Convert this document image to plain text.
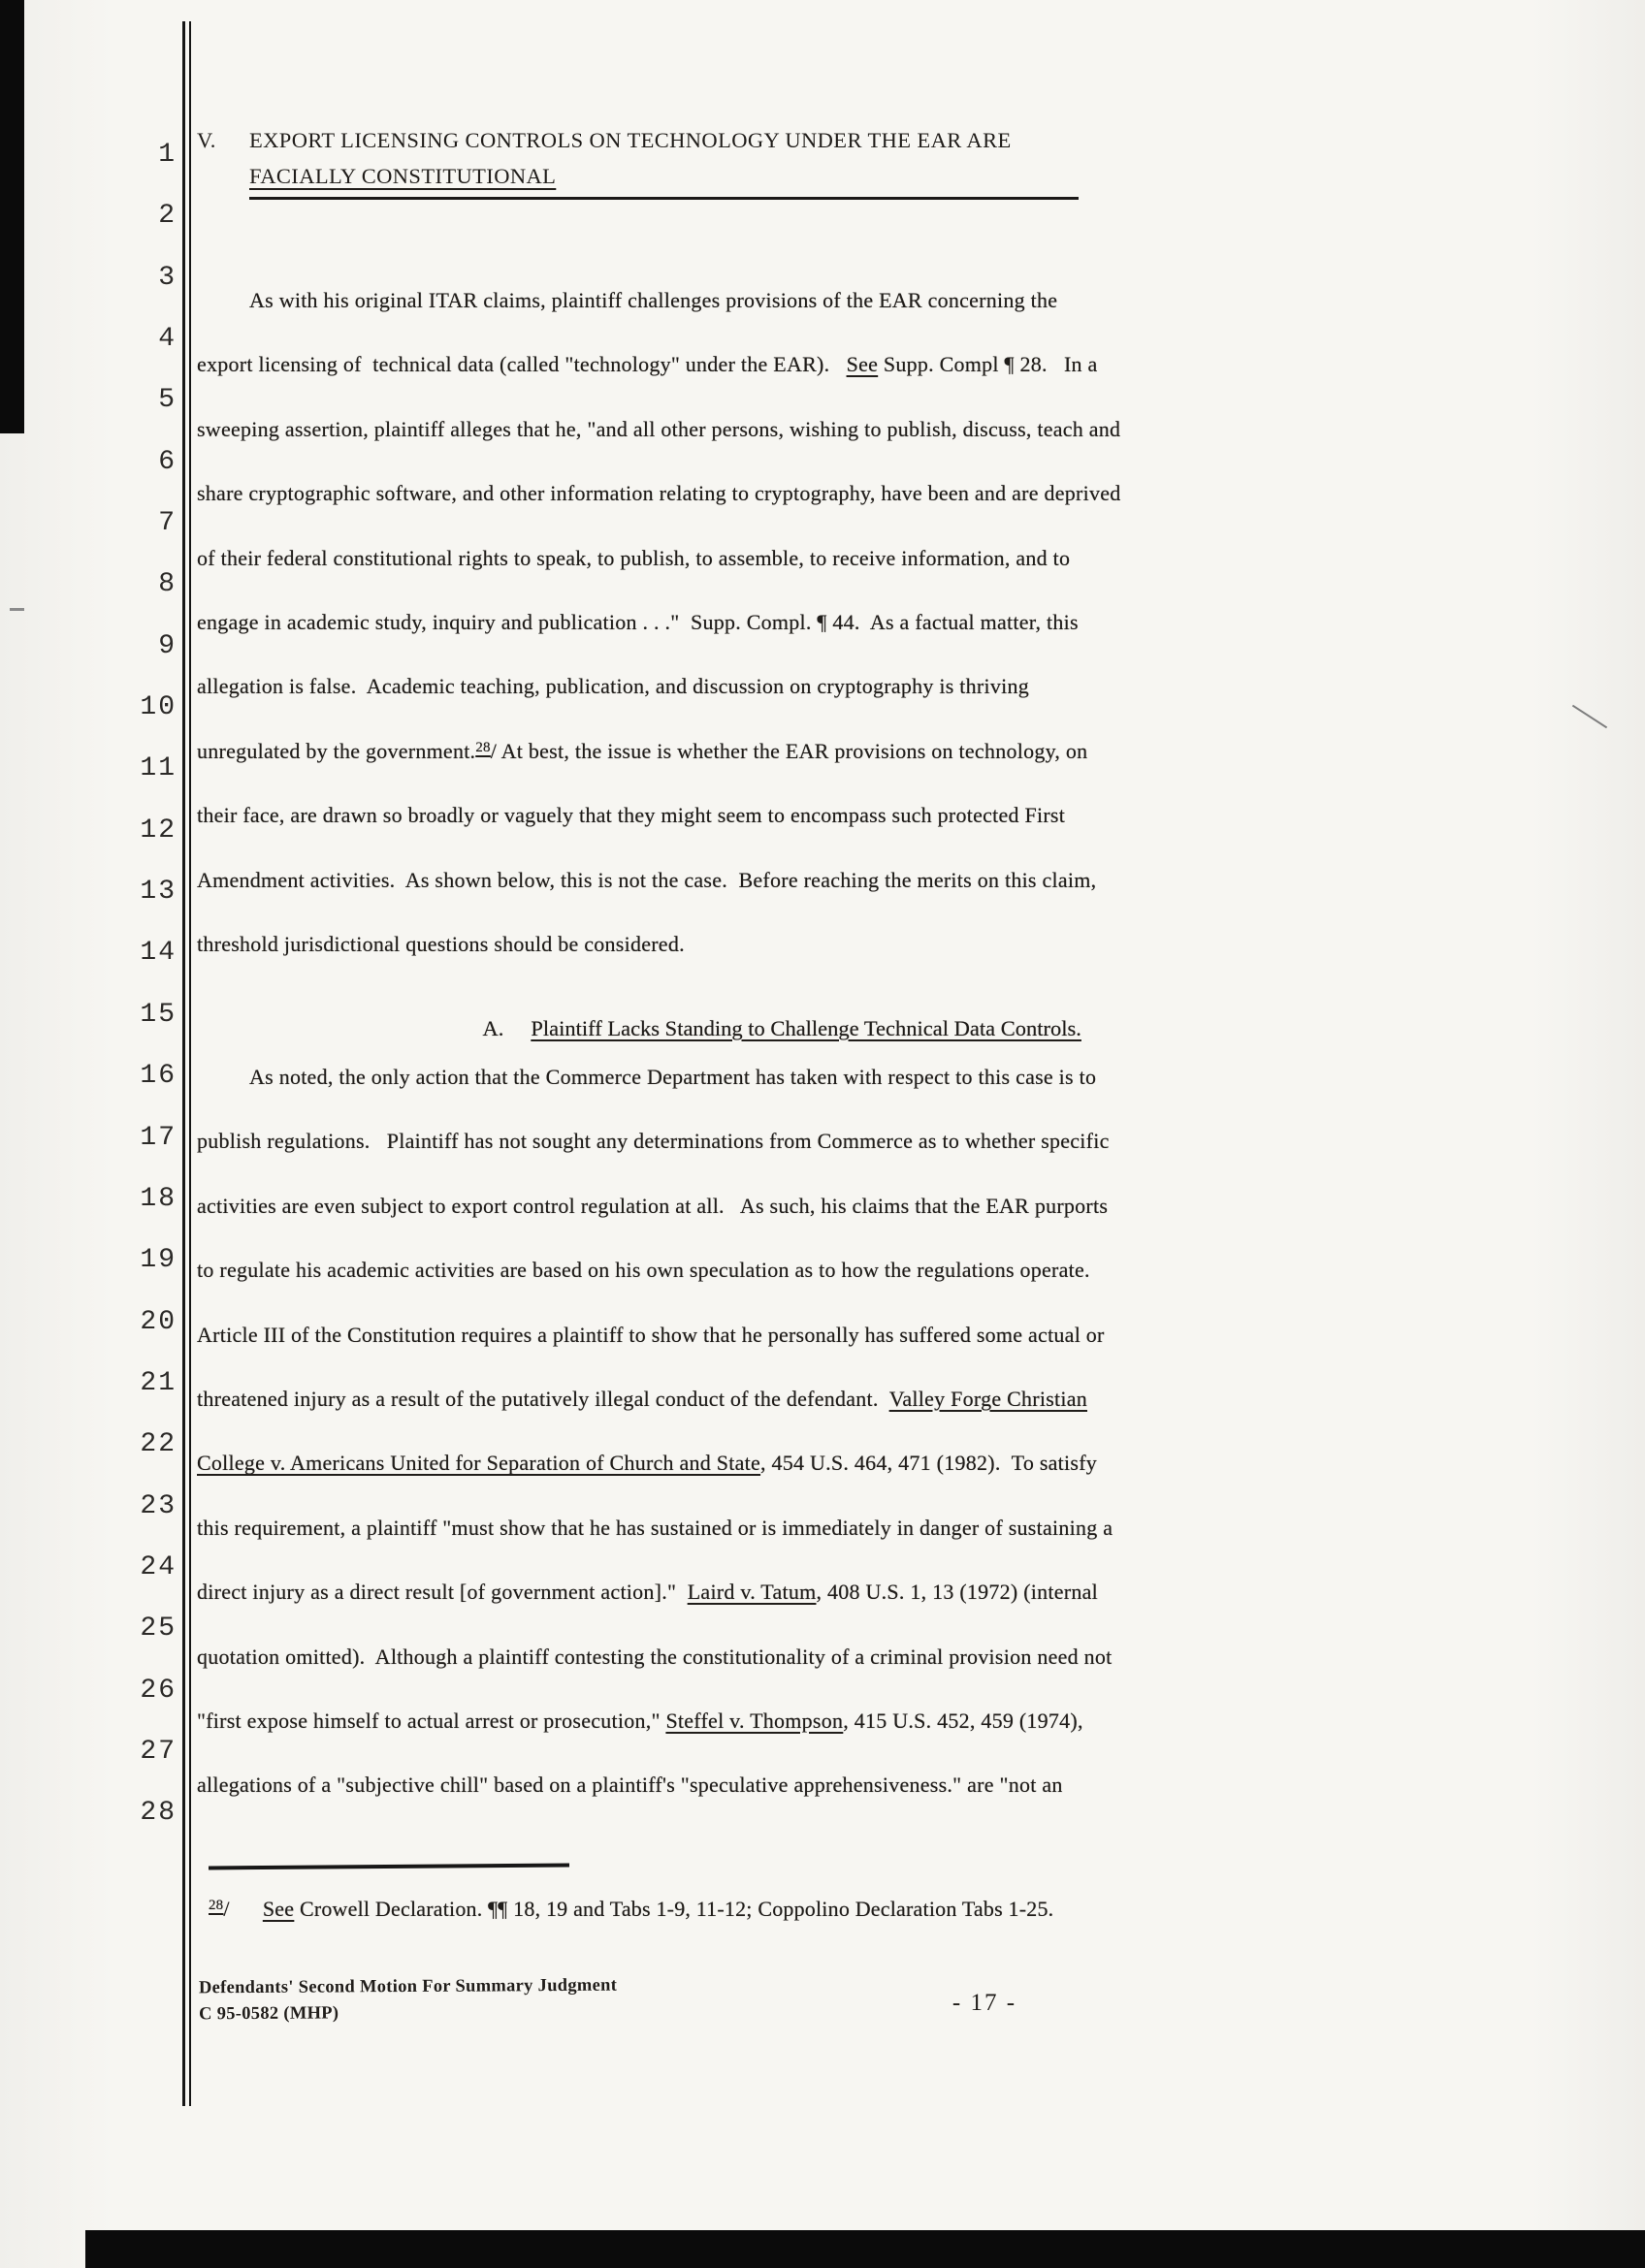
1
2
3
4
5
6
7
8
9
10
11
12
13
14
15
16
17
18
19
20
21
22
23
24
25
26
27
28
V.	EXPORT LICENSING CONTROLS ON TECHNOLOGY UNDER THE EAR ARE
FACIALLY CONSTITUTIONAL
As with his original ITAR claims, plaintiff challenges provisions of the EAR concerning the
export licensing of  technical data (called "technology" under the EAR).   See Supp. Compl ¶ 28.   In a
sweeping assertion, plaintiff alleges that he, "and all other persons, wishing to publish, discuss, teach and
share cryptographic software, and other information relating to cryptography, have been and are deprived
of their federal constitutional rights to speak, to publish, to assemble, to receive information, and to
engage in academic study, inquiry and publication . . ."  Supp. Compl. ¶ 44.  As a factual matter, this
allegation is false.  Academic teaching, publication, and discussion on cryptography is thriving
unregulated by the government.$^{28}$/ At best, the issue is whether the EAR provisions on technology, on
their face, are drawn so broadly or vaguely that they might seem to encompass such protected First
Amendment activities.  As shown below, this is not the case.  Before reaching the merits on this claim,
threshold jurisdictional questions should be considered.

A. Plaintiff Lacks Standing to Challenge Technical Data Controls.

As noted, the only action that the Commerce Department has taken with respect to this case is to
publish regulations.   Plaintiff has not sought any determinations from Commerce as to whether specific
activities are even subject to export control regulation at all.   As such, his claims that the EAR purports
to regulate his academic activities are based on his own speculation as to how the regulations operate.
Article III of the Constitution requires a plaintiff to show that he personally has suffered some actual or
threatened injury as a result of the putatively illegal conduct of the defendant.  Valley Forge Christian
College v. Americans United for Separation of Church and State, 454 U.S. 464, 471 (1982).  To satisfy
this requirement, a plaintiff "must show that he has sustained or is immediately in danger of sustaining a
direct injury as a direct result [of government action]."  Laird v. Tatum, 408 U.S. 1, 13 (1972) (internal
quotation omitted).  Although a plaintiff contesting the constitutionality of a criminal provision need not
"first expose himself to actual arrest or prosecution," Steffel v. Thompson, 415 U.S. 452, 459 (1974),
allegations of a "subjective chill" based on a plaintiff's "speculative apprehensiveness." are "not an
$^{28}$/      See Crowell Declaration. ¶¶ 18, 19 and Tabs 1-9, 11-12; Coppolino Declaration Tabs 1-25.
Defendants' Second Motion For Summary Judgment
C 95-0582 (MHP)	- 17 -
